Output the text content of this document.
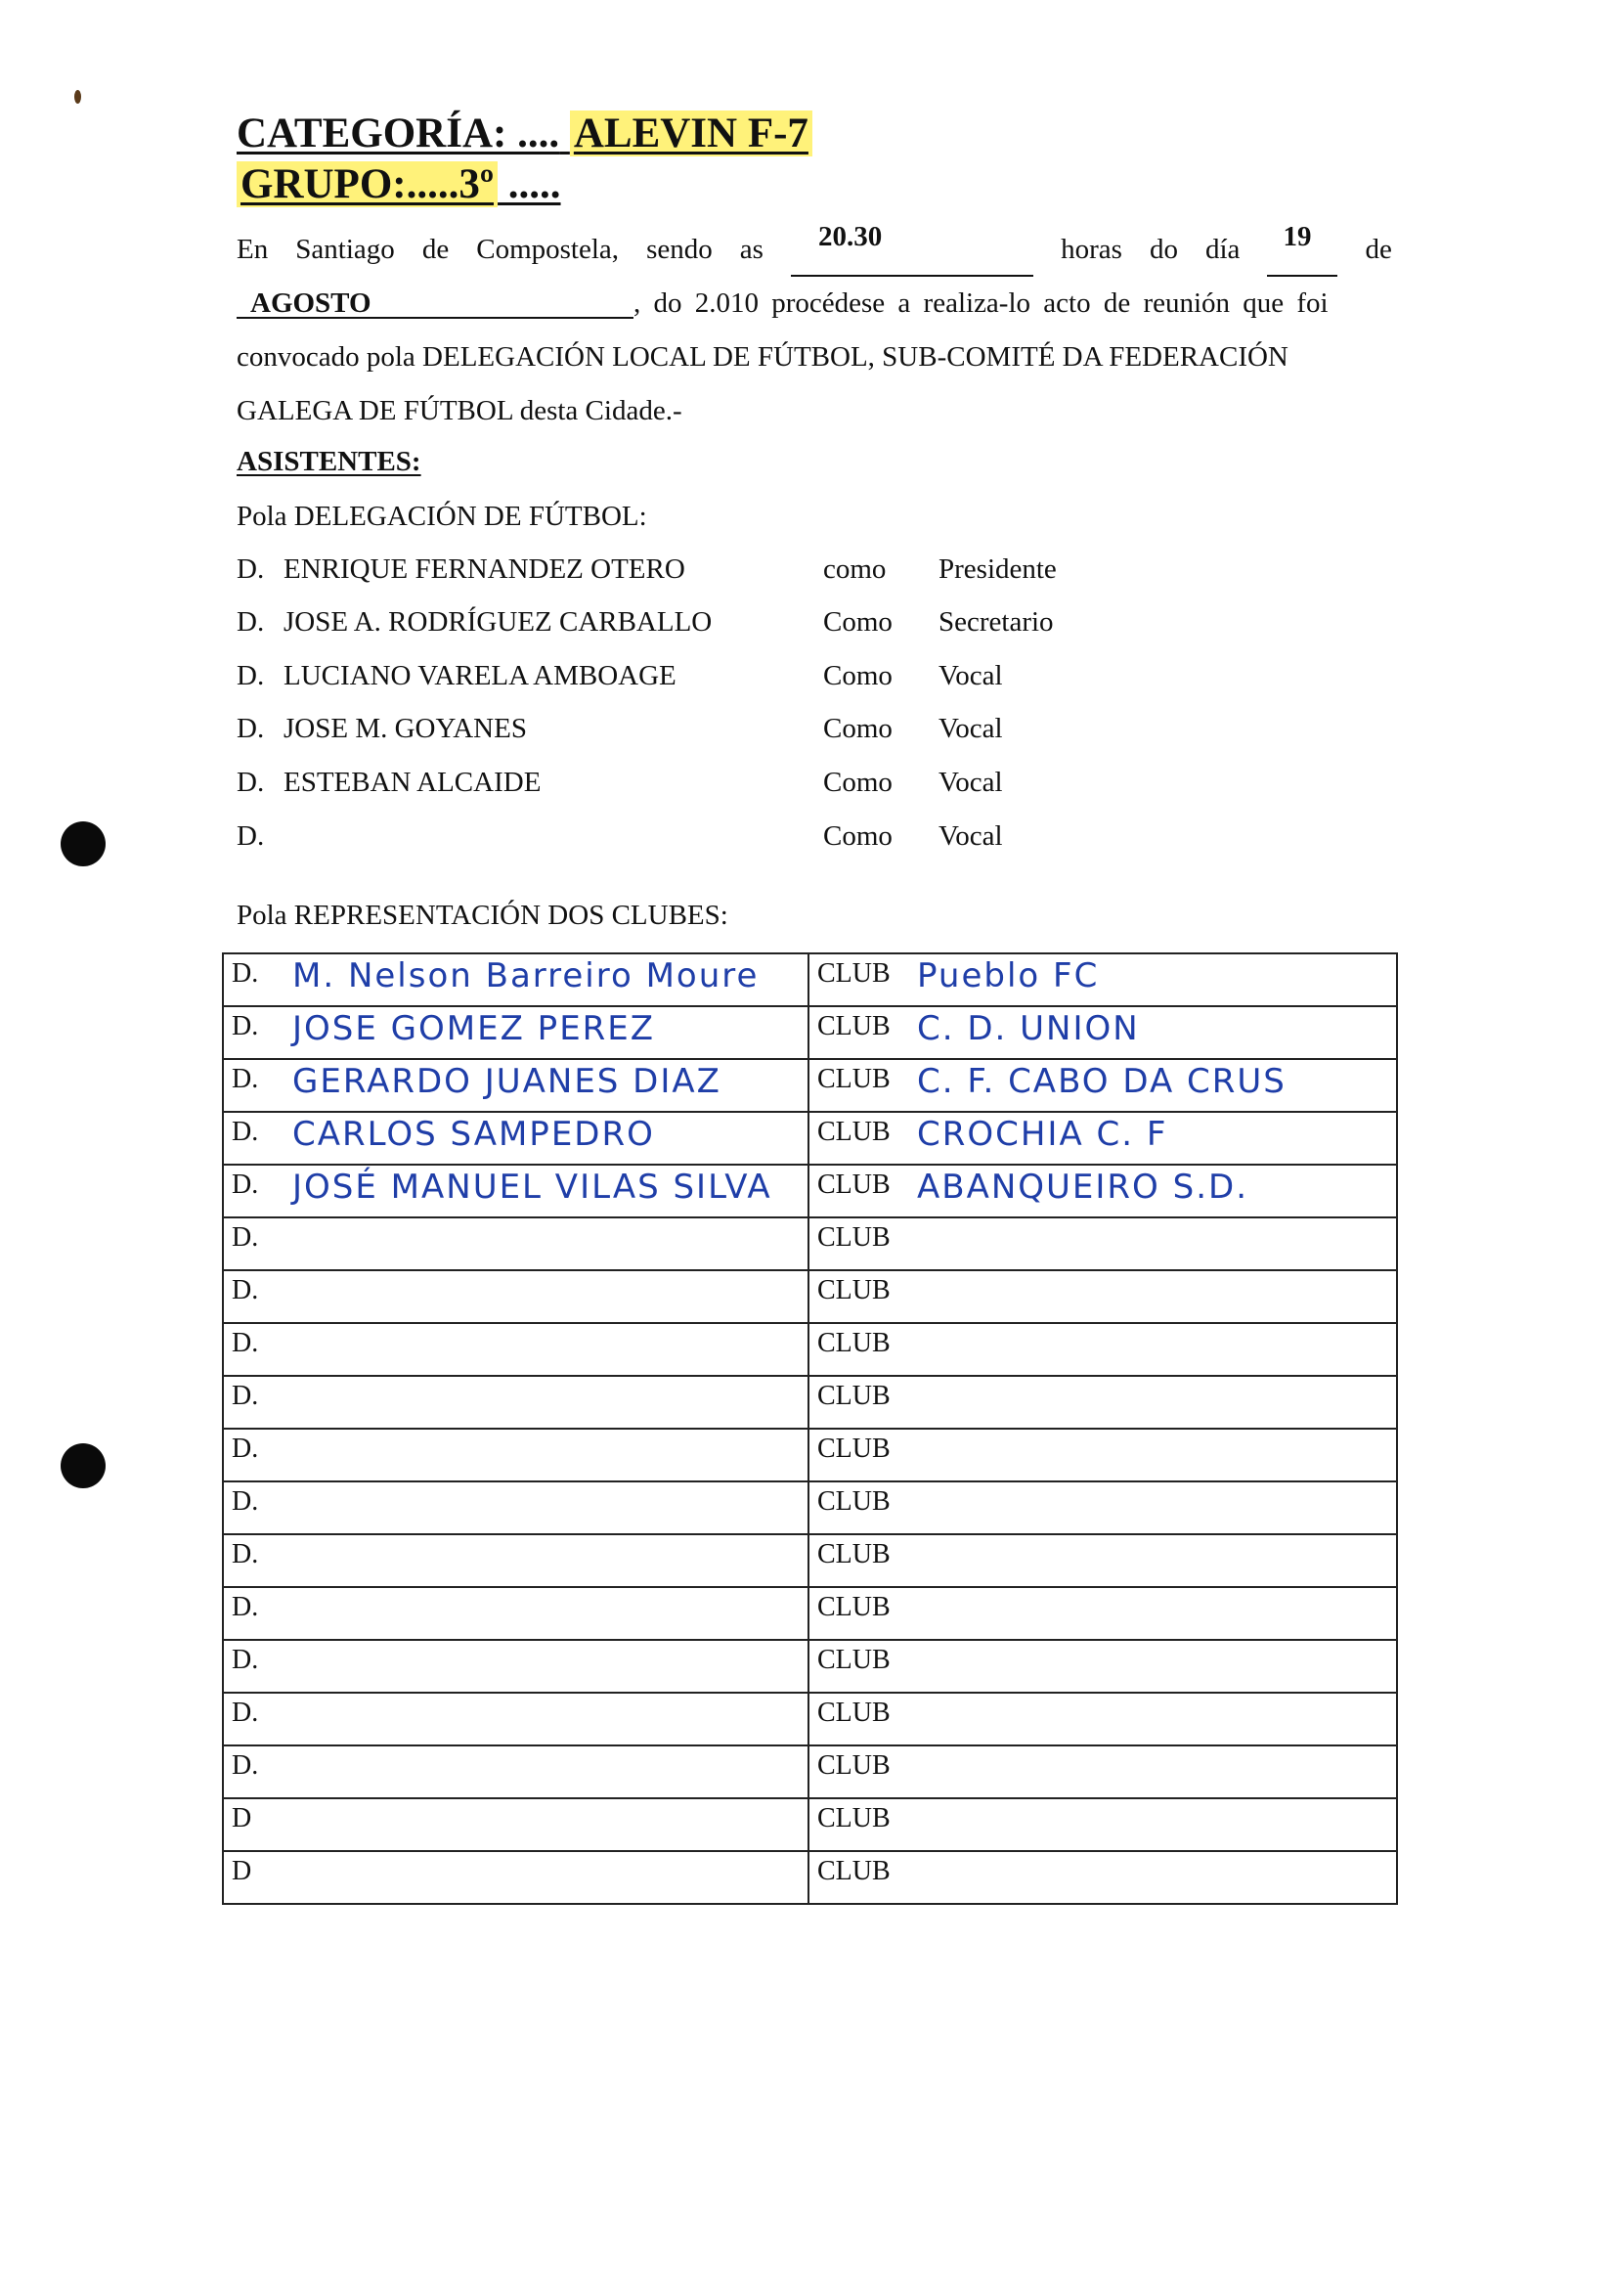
CATEGORÍA: .... ALEVIN F-7
GRUPO:.....3º .....
En Santiago de Compostela, sendo as	20.30	horas do día	19	de
AGOSTO	, do 2.010 procédese a realiza-lo acto de reunión que foi
convocado pola DELEGACIÓN LOCAL DE FÚTBOL, SUB-COMITÉ DA FEDERACIÓN
GALEGA DE FÚTBOL desta Cidade.-
ASISTENTES:
Pola DELEGACIÓN DE FÚTBOL:
D. ENRIQUE FERNANDEZ OTERO	como Presidente
D. JOSE A. RODRÍGUEZ CARBALLO	Como Secretario
D. LUCIANO VARELA AMBOAGE	Como Vocal
D. JOSE M. GOYANES	Como Vocal
D. ESTEBAN ALCAIDE	Como Vocal
D.	Como Vocal
Pola REPRESENTACIÓN DOS CLUBES:
D. M. Nelson Barreiro Moure	CLUB Pueblo FC

D. JOSE GOMEZ PEREZ	CLUB C. D. UNION

D. GERARDO JUANES DIAZ	CLUB C. F. CABO DA CRUS

D. CARLOS SAMPEDRO	CLUB CROCHIA C. F

D. JOSÉ MANUEL VILAS SILVA	CLUB ABANQUEIRO S.D.

D.	CLUB
D.	CLUB
D.	CLUB
D.	CLUB
D.	CLUB
D.	CLUB
D.	CLUB
D.	CLUB
D.	CLUB
D.	CLUB
D.	CLUB
D	CLUB
D	CLUB
